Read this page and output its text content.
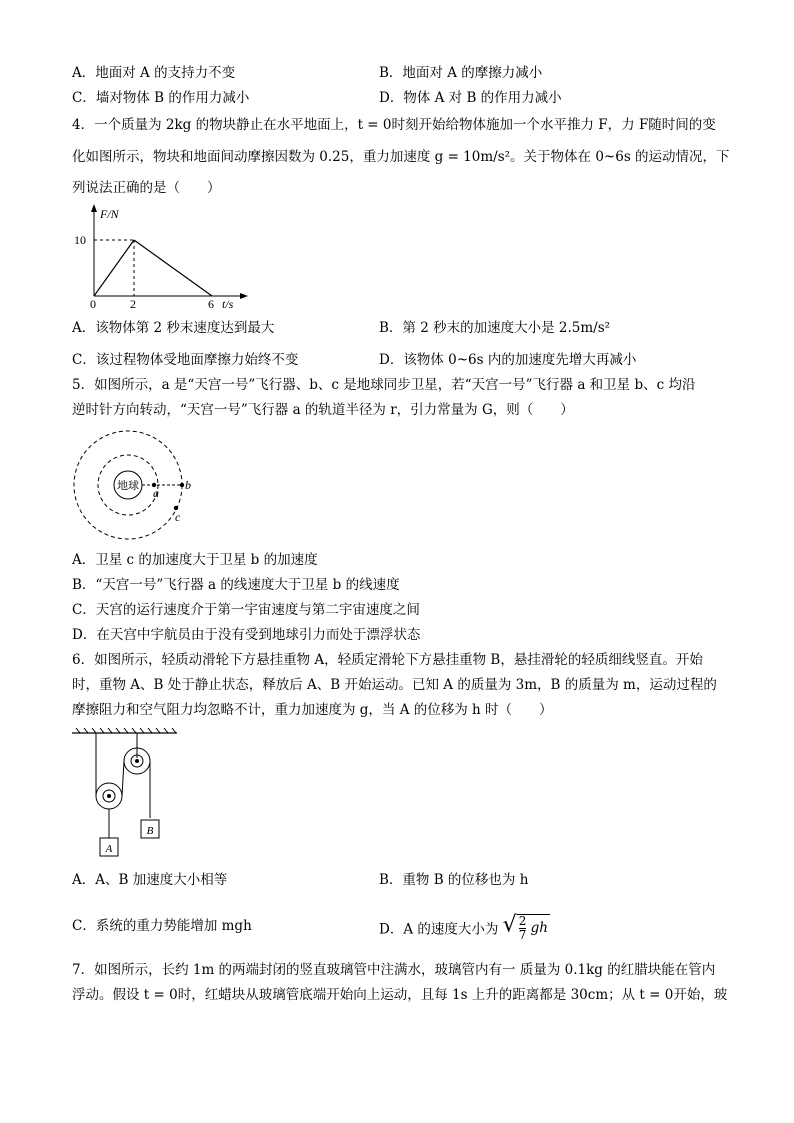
A．地面对 A 的支持力不变	B．地面对 A 的摩擦力减小
C．墙对物体 B 的作用力减小	D．物体 A 对 B 的作用力减小
4．一个质量为 2kg 的物块静止在水平地面上，t = 0时刻开始给物体施加一个水平推力 F，力 F随时间的变
化如图所示，物块和地面间动摩擦因数为 0.25，重力加速度 g = 10m/s²。关于物体在 0~6s 的运动情况，下
列说法正确的是（　　）
F/N
10
0	2	6 t/s
A．该物体第 2 秒末速度达到最大	B．第 2 秒末的加速度大小是 2.5m/s²
C．该过程物体受地面摩擦力始终不变	D．该物体 0~6s 内的加速度先增大再减小
5．如图所示，a 是“天宫一号”飞行器、b、c 是地球同步卫星，若“天宫一号”飞行器 a 和卫星 b、c 均沿
逆时针方向转动，“天宫一号”飞行器 a 的轨道半径为 r，引力常量为 G，则（　　）
地球 a
b
c
A．卫星 c 的加速度大于卫星 b 的加速度
B．“天宫一号”飞行器 a 的线速度大于卫星 b 的线速度
C．天宫的运行速度介于第一宇宙速度与第二宇宙速度之间
D．在天宫中宇航员由于没有受到地球引力而处于漂浮状态
6．如图所示，轻质动滑轮下方悬挂重物 A，轻质定滑轮下方悬挂重物 B，悬挂滑轮的轻质细线竖直。开始
时，重物 A、B 处于静止状态，释放后 A、B 开始运动。已知 A 的质量为 3m，B 的质量为 m，运动过程的
摩擦阻力和空气阻力均忽略不计，重力加速度为 g，当 A 的位移为 h 时（　　）
B
A
A．A、B 加速度大小相等	B．重物 B 的位移也为 h
C．系统的重力势能增加 mgh	D．A 的速度大小为 √ $\frac{2}{7}$ gh
7．如图所示，长约 1m 的两端封闭的竖直玻璃管中注满水，玻璃管内有一 质量为 0.1kg 的红腊块能在管内
浮动。假设 t = 0时，红蜡块从玻璃管底端开始向上运动，且每 1s 上升的距离都是 30cm；从 t = 0开始，玻
